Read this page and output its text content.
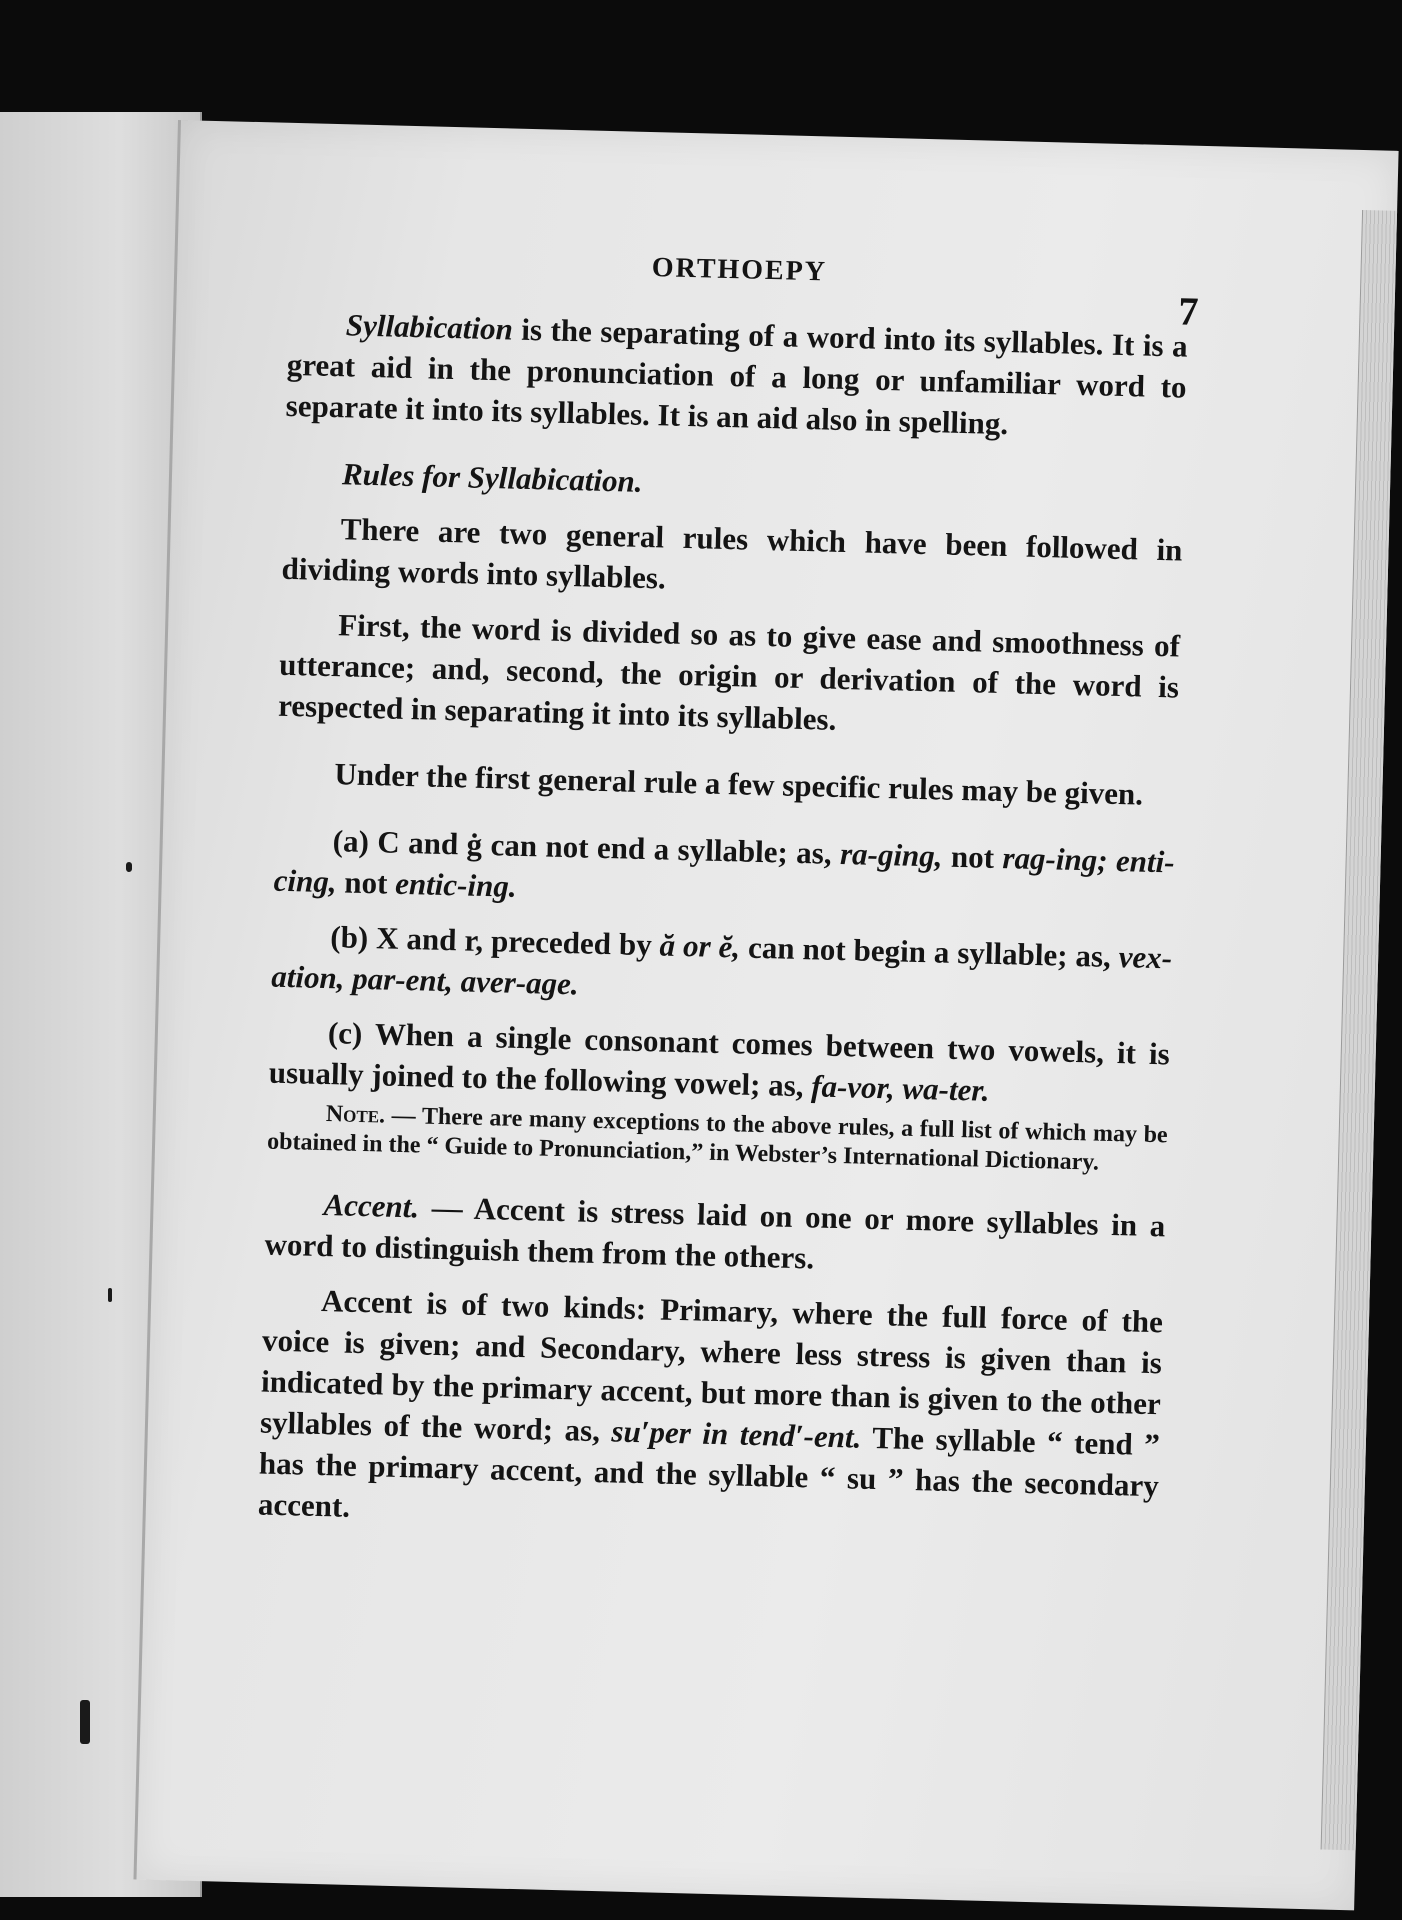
ORTHOEPY
7

Syllabication is the separating of a word into its syllables. It is a great aid in the pronunciation of a long or unfamiliar word to separate it into its syllables. It is an aid also in spelling.

Rules for Syllabication.

There are two general rules which have been followed in dividing words into syllables.

First, the word is divided so as to give ease and smoothness of utterance; and, second, the origin or derivation of the word is respected in separating it into its syllables.

Under the first general rule a few specific rules may be given.

(a) C and ġ can not end a syllable; as, ra-ging, not rag-ing; enti-cing, not entic-ing.

(b) X and r, preceded by ă or ĕ, can not begin a syllable; as, vex-ation, par-ent, aver-age.

(c) When a single consonant comes between two vowels, it is usually joined to the following vowel; as, fa-vor, wa-ter.

Note. — There are many exceptions to the above rules, a full list of which may be obtained in the “ Guide to Pronunciation,” in Webster’s International Dictionary.

Accent. — Accent is stress laid on one or more syllables in a word to distinguish them from the others.

Accent is of two kinds: Primary, where the full force of the voice is given; and Secondary, where less stress is given than is indicated by the primary accent, but more than is given to the other syllables of the word; as, su′per in tend′-ent. The syllable “ tend ” has the primary accent, and the syllable “ su ” has the secondary accent.
